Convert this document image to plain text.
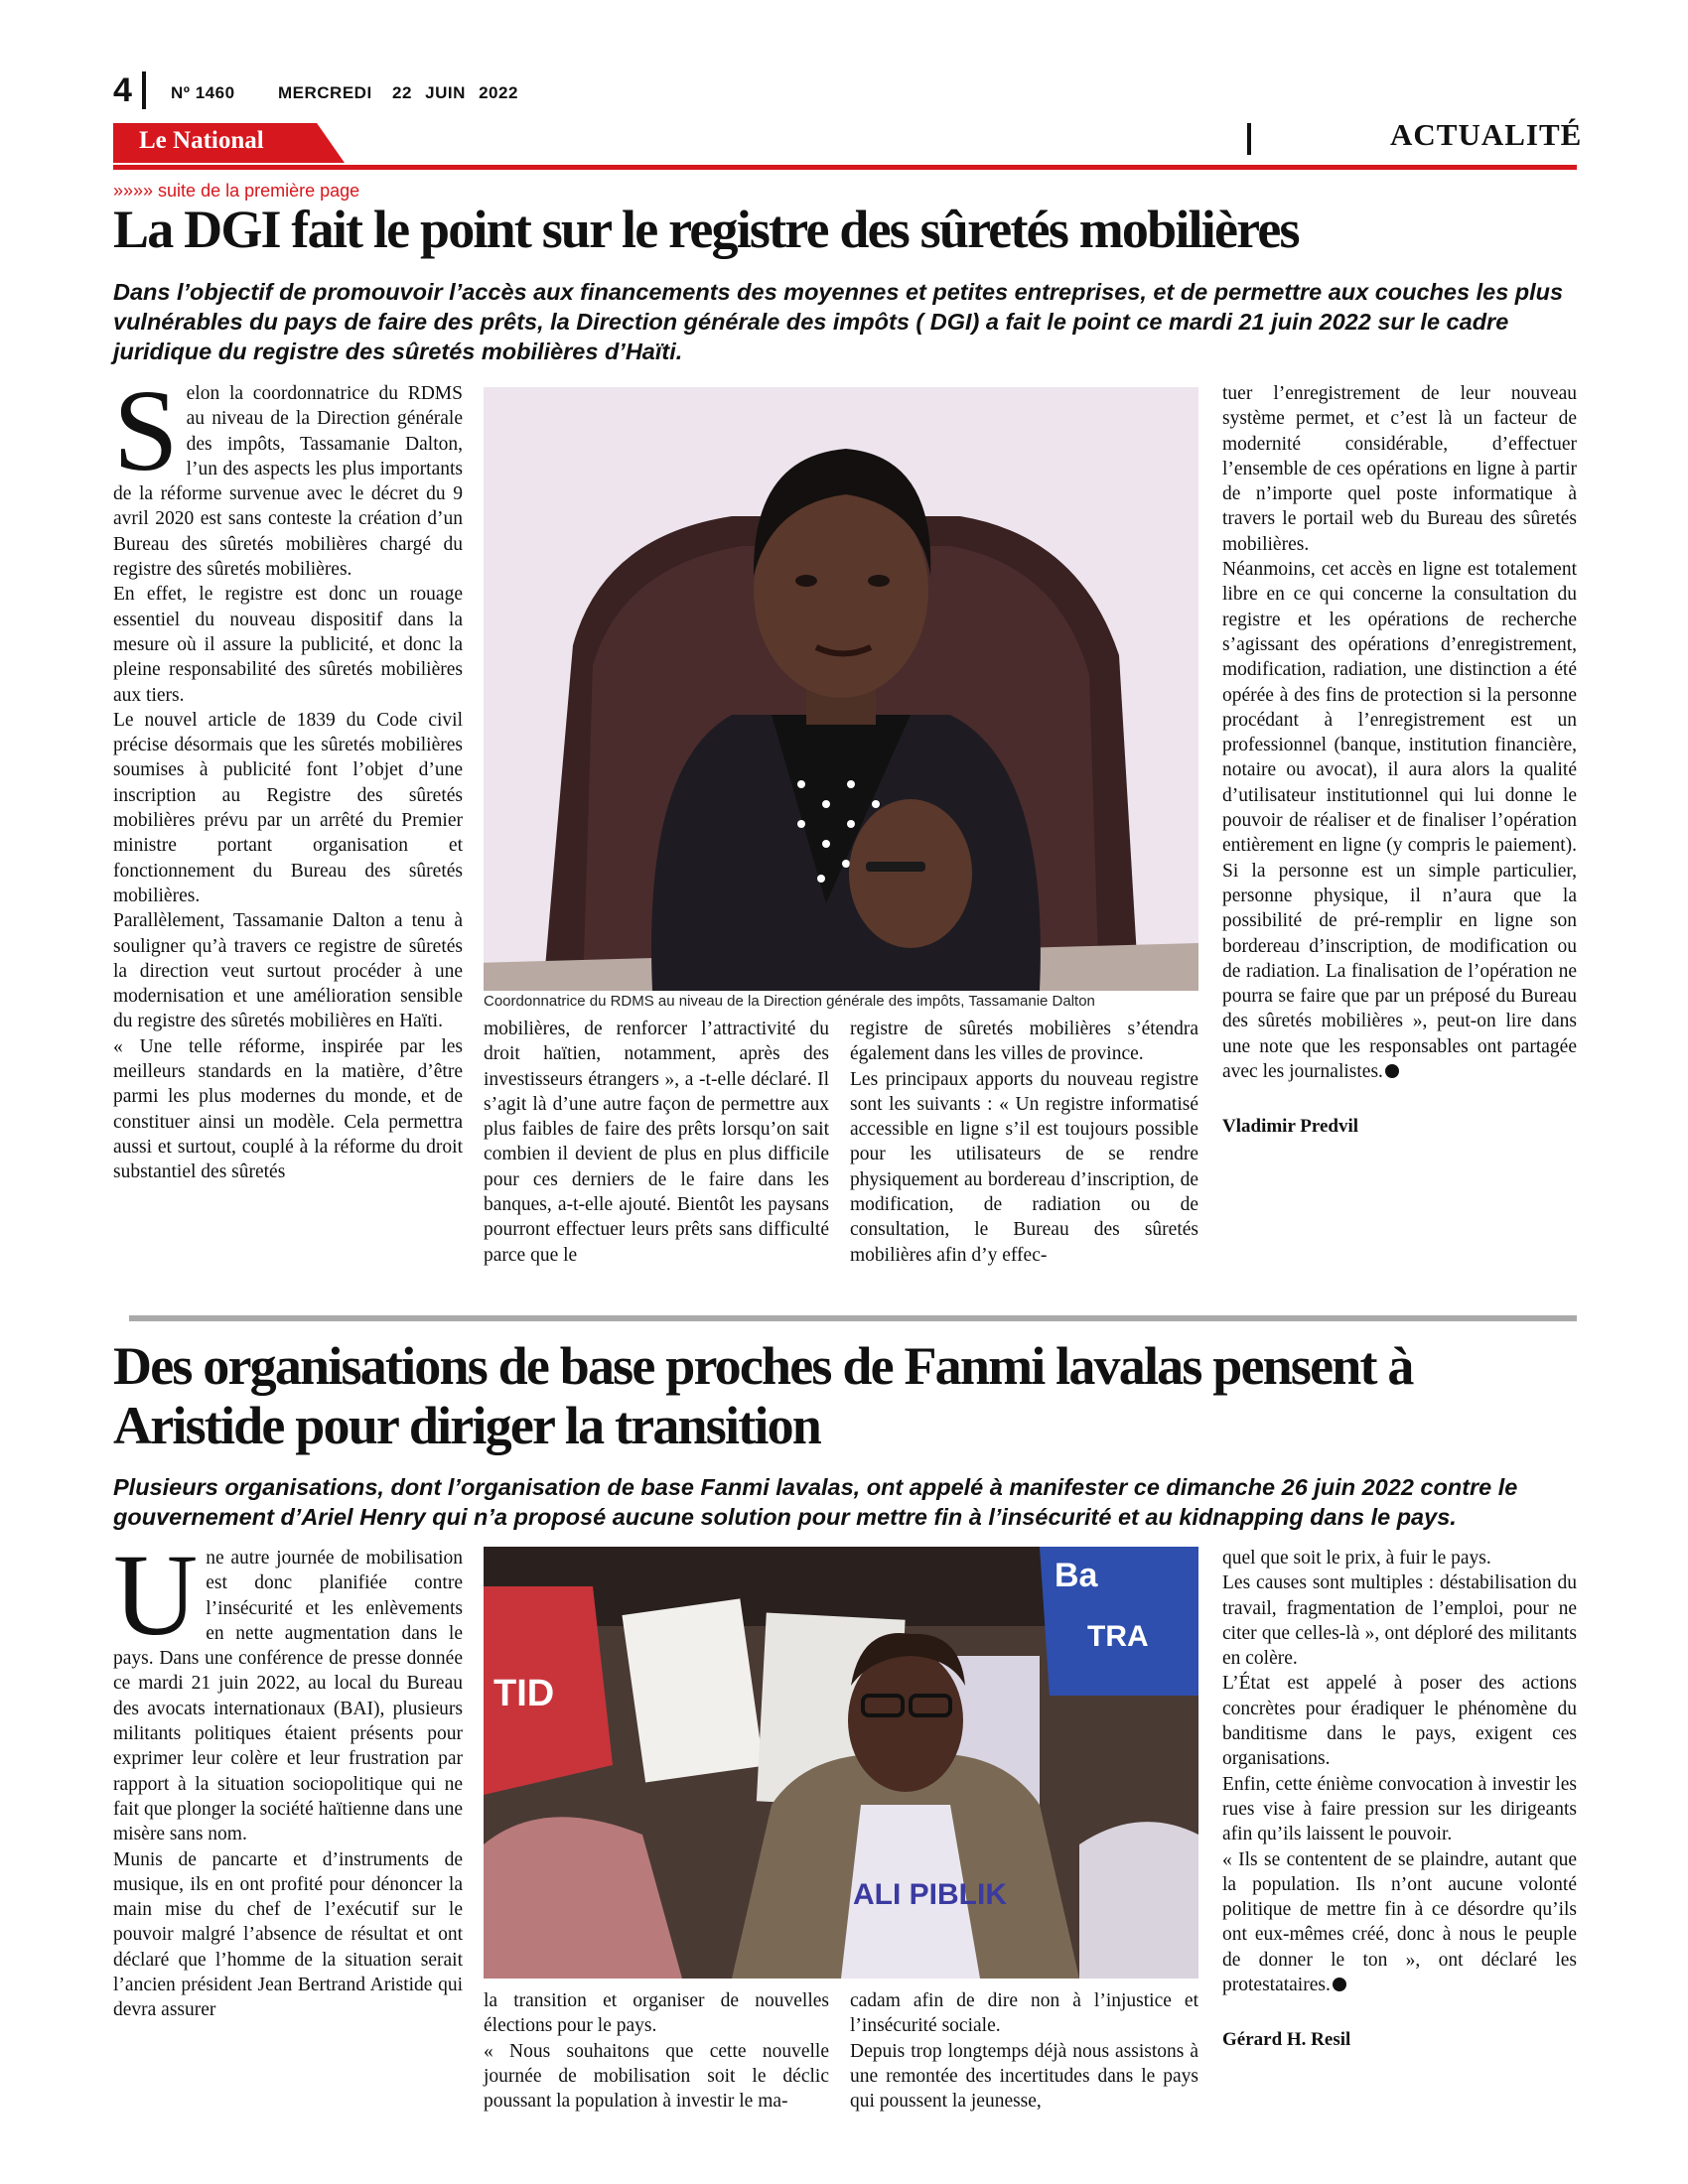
4 Nº 1460	MERCREDI 22 JUIN 2022
Le National	ACTUALITÉ
»»»» suite de la première page
La DGI fait le point sur le registre des sûretés mobilières
Dans l’objectif de promouvoir l’accès aux financements des moyennes et petites entreprises, et de permettre aux couches les plus vulnérables du pays de faire des prêts, la Direction générale des impôts ( DGI) a fait le point ce mardi 21 juin 2022 sur le cadre juridique du registre des sûretés mobilières d’Haïti.

Selon la coordonnatrice du RDMS au niveau de la Direction générale des impôts, Tassamanie Dalton, l’un des aspects les plus importants de la réforme survenue avec le décret du 9 avril 2020 est sans conteste la création d’un Bureau des sûretés mobilières chargé du registre des sûretés mobilières.

En effet, le registre est donc un rouage essentiel du nouveau dispositif dans la mesure où il assure la publicité, et donc la pleine responsabilité des sûretés mobilières aux tiers.

Le nouvel article de 1839 du Code civil précise désormais que les sûretés mobilières soumises à publicité font l’objet d’une inscription au Registre des sûretés mobilières prévu par un arrêté du Premier ministre portant organisation et fonctionnement du Bureau des sûretés mobilières.

Parallèlement, Tassamanie Dalton a tenu à souligner qu’à travers ce registre de sûretés la direction veut surtout procéder à une modernisation et une amélioration sensible du registre des sûretés mobilières en Haïti.

« Une telle réforme, inspirée par les meilleurs standards en la matière, d’être parmi les plus modernes du monde, et de constituer ainsi un modèle. Cela permettra aussi et surtout, couplé à la réforme du droit substantiel des sûretés

Coordonnatrice du RDMS au niveau de la Direction générale des impôts, Tassamanie Dalton

mobilières, de renforcer l’attractivité du droit haïtien, notamment, après des investisseurs étrangers », a -t-elle déclaré. Il s’agit là d’une autre façon de permettre aux plus faibles de faire des prêts lorsqu’on sait combien il devient de plus en plus difficile pour ces derniers de le faire dans les banques, a-t-elle ajouté. Bientôt les paysans pourront effectuer leurs prêts sans difficulté parce que le

registre de sûretés mobilières s’étendra également dans les villes de province.

Les principaux apports du nouveau registre sont les suivants : « Un registre informatisé accessible en ligne s’il est toujours possible pour les utilisateurs de se rendre physiquement au bordereau d’inscription, de modification, de radiation ou de consultation, le Bureau des sûretés mobilières afin d’y effec-

tuer l’enregistrement de leur nouveau système permet, et c’est là un facteur de modernité considérable, d’effectuer l’ensemble de ces opérations en ligne à partir de n’importe quel poste informatique à travers le portail web du Bureau des sûretés mobilières.

Néanmoins, cet accès en ligne est totalement libre en ce qui concerne la consultation du registre et les opérations de recherche s’agissant des opérations d’enregistrement, modification, radiation, une distinction a été opérée à des fins de protection si la personne procédant à l’enregistrement est un professionnel (banque, institution financière, notaire ou avocat), il aura alors la qualité d’utilisateur institutionnel qui lui donne le pouvoir de réaliser et de finaliser l’opération entièrement en ligne (y compris le paiement). Si la personne est un simple particulier, personne physique, il n’aura que la possibilité de pré-remplir en ligne son bordereau d’inscription, de modification ou de radiation. La finalisation de l’opération ne pourra se faire que par un préposé du Bureau des sûretés mobilières », peut-on lire dans une note que les responsables ont partagée avec les journalistes.

Vladimir Predvil

Des organisations de base proches de Fanmi lavalas pensent à Aristide pour diriger la transition
Plusieurs organisations, dont l’organisation de base Fanmi lavalas, ont appelé à manifester ce dimanche 26 juin 2022 contre le gouvernement d’Ariel Henry qui n’a proposé aucune solution pour mettre fin à l’insécurité et au kidnapping dans le pays.

Une autre journée de mobilisation est donc planifiée contre l’insécurité et les enlèvements en nette augmentation dans le pays. Dans une conférence de presse donnée ce mardi 21 juin 2022, au local du Bureau des avocats internationaux (BAI), plusieurs militants politiques étaient présents pour exprimer leur colère et leur frustration par rapport à la situation sociopolitique qui ne fait que plonger la société haïtienne dans une misère sans nom.

Munis de pancarte et d’instruments de musique, ils en ont profité pour dénoncer la main mise du chef de l’exécutif sur le pouvoir malgré l’absence de résultat et ont déclaré que l’homme de la situation serait l’ancien président Jean Bertrand Aristide qui devra assurer

TID
Ba
TRA
ALI PIBLIK

la transition et organiser de nouvelles élections pour le pays.

« Nous souhaitons que cette nouvelle journée de mobilisation soit le déclic poussant la population à investir le ma-

cadam afin de dire non à l’injustice et l’insécurité sociale.

Depuis trop longtemps déjà nous assistons à une remontée des incertitudes dans le pays qui poussent la jeunesse,

quel que soit le prix, à fuir le pays.

Les causes sont multiples : déstabilisation du travail, fragmentation de l’emploi, pour ne citer que celles-là », ont déploré des militants en colère.

L’État est appelé à poser des actions concrètes pour éradiquer le phénomène du banditisme dans le pays, exigent ces organisations.

Enfin, cette énième convocation à investir les rues vise à faire pression sur les dirigeants afin qu’ils laissent le pouvoir.

« Ils se contentent de se plaindre, autant que la population. Ils n’ont aucune volonté politique de mettre fin à ce désordre qu’ils ont eux-mêmes créé, donc à nous le peuple de donner le ton », ont déclaré les protestataires.

Gérard H. Resil
